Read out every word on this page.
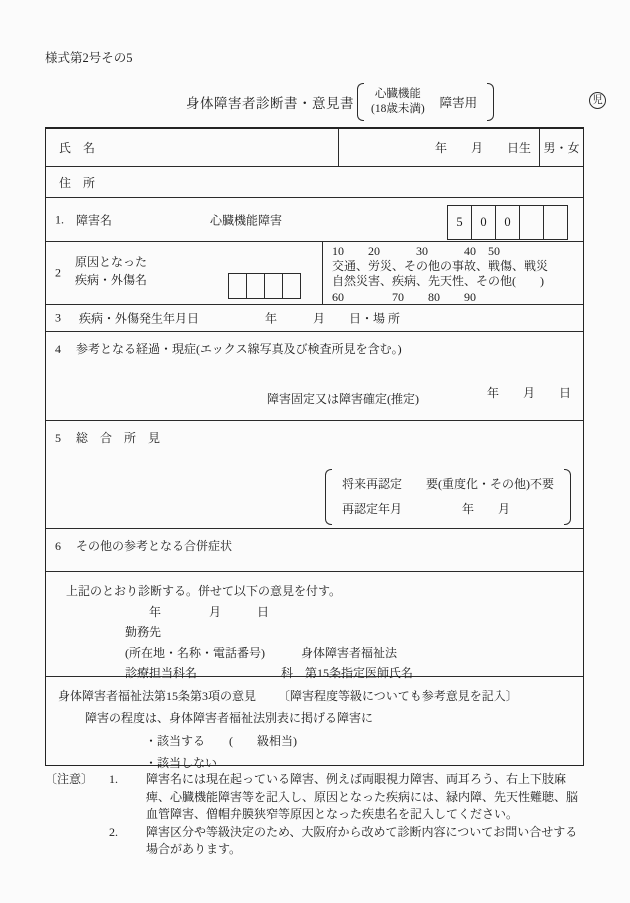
様式第2号その5
身体障害者診断書・意見書
心臓機能
(18歳未満)	障害用	児
氏　名	年　　月　　日生 男・女
住　所
1. 障害名	心臓機能障害	5	0	0
2
原因となった
疾病・外傷名
10　　20　　　30　　　40　50
交通、労災、その他の事故、戦傷、戦災
自然災害、疾病、先天性、その他(　　)
60　　　　70　　80　　90
3 疾病・外傷発生年月日	年　　　月　　日・場 所
4 参考となる経過・現症(エックス線写真及び検査所見を含む。)
障害固定又は障害確定(推定)	年　　月　　日
5 総　合　所　見
将来再認定　　要(重度化・その他)不要
再認定年月　　　　　年　　月
6 その他の参考となる合併症状
上記のとおり診断する。併せて以下の意見を付す。
年　　　　月　　　日
勤務先
(所在地・名称・電話番号)　　　身体障害者福祉法
診療担当科名　　　　　　　科　第15条指定医師氏名
身体障害者福祉法第15条第3項の意見 〔障害程度等級についても参考意見を記入〕
障害の程度は、身体障害者福祉法別表に掲げる障害に
・該当する　　(　　級相当)
・該当しない
〔注意〕	1.	障害名には現在起っている障害、例えば両眼視力障害、両耳ろう、右上下肢麻痺、心臓機能障害等を記入し、原因となった疾病には、緑内障、先天性難聴、脳血管障害、僧帽弁膜狭窄等原因となった疾患名を記入してください。
2.	障害区分や等級決定のため、大阪府から改めて診断内容についてお問い合せする場合があります。
